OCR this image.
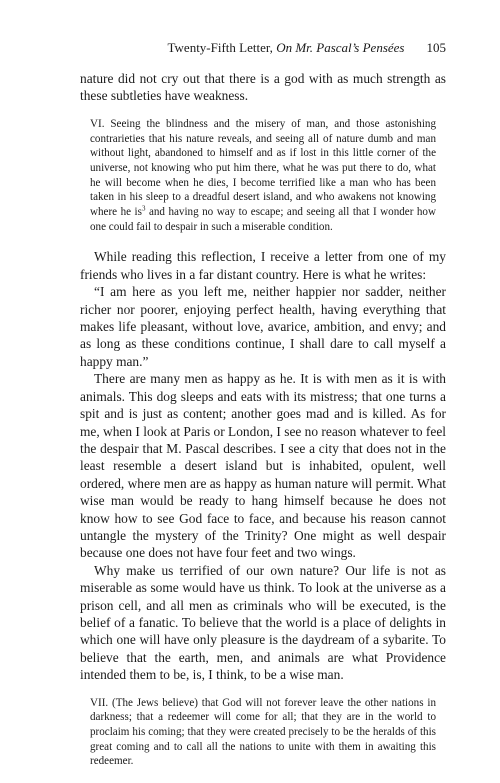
Twenty-Fifth Letter, On Mr. Pascal’s Pensées 105

nature did not cry out that there is a god with as much strength as these subtleties have weakness.

VI. Seeing the blindness and the misery of man, and those astonishing contrarieties that his nature reveals, and seeing all of nature dumb and man without light, abandoned to himself and as if lost in this little corner of the universe, not knowing who put him there, what he was put there to do, what he will become when he dies, I become terrified like a man who has been taken in his sleep to a dreadful desert island, and who awakens not knowing where he $is^3$ and having no way to escape; and seeing all that I wonder how one could fail to despair in such a miserable condition.

While reading this reflection, I receive a letter from one of my friends who lives in a far distant country. Here is what he writes:

“I am here as you left me, neither happier nor sadder, neither richer nor poorer, enjoying perfect health, having everything that makes life pleasant, without love, avarice, ambition, and envy; and as long as these conditions continue, I shall dare to call myself a happy man.”

There are many men as happy as he. It is with men as it is with animals. This dog sleeps and eats with its mistress; that one turns a spit and is just as content; another goes mad and is killed. As for me, when I look at Paris or London, I see no reason whatever to feel the despair that M. Pascal describes. I see a city that does not in the least resemble a desert island but is inhabited, opulent, well ordered, where men are as happy as human nature will permit. What wise man would be ready to hang himself because he does not know how to see God face to face, and because his reason cannot untangle the mystery of the Trinity? One might as well despair because one does not have four feet and two wings.

Why make us terrified of our own nature? Our life is not as miserable as some would have us think. To look at the universe as a prison cell, and all men as criminals who will be executed, is the belief of a fanatic. To believe that the world is a place of delights in which one will have only pleasure is the daydream of a sybarite. To believe that the earth, men, and animals are what Providence intended them to be, is, I think, to be a wise man.

VII. (The Jews believe) that God will not forever leave the other nations in darkness; that a redeemer will come for all; that they are in the world to proclaim his coming; that they were created precisely to be the heralds of this great coming and to call all the nations to unite with them in awaiting this redeemer.
